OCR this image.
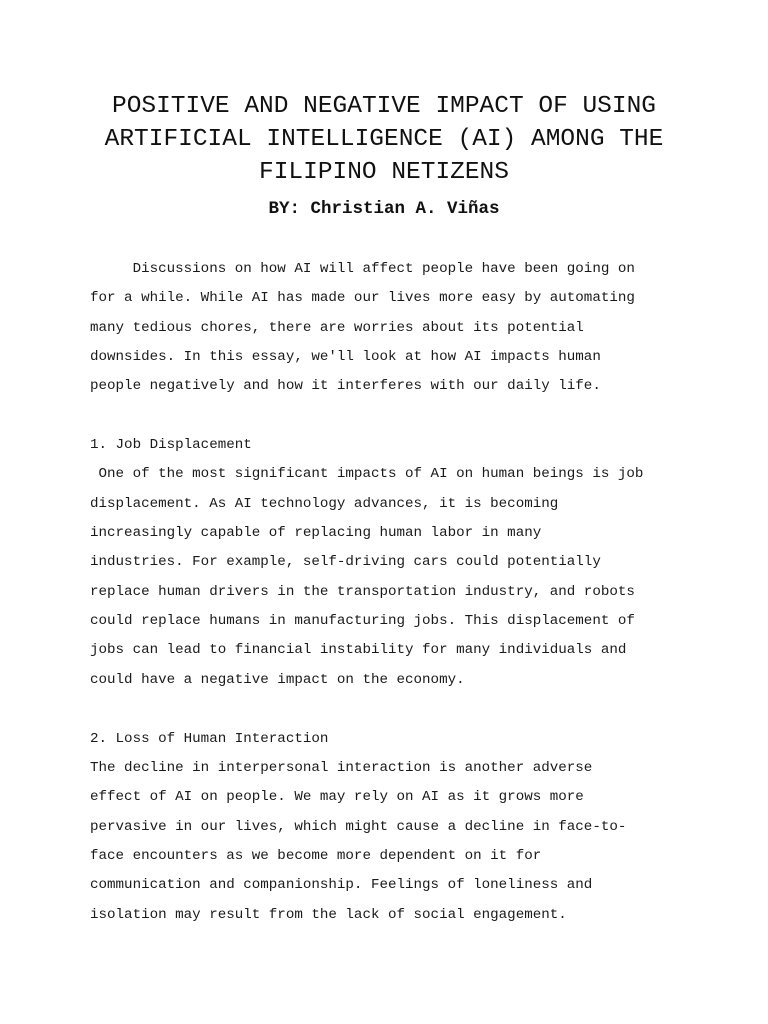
POSITIVE AND NEGATIVE IMPACT OF USING
ARTIFICIAL INTELLIGENCE (AI) AMONG THE
FILIPINO NETIZENS
BY: Christian A. Viñas
Discussions on how AI will affect people have been going on
for a while. While AI has made our lives more easy by automating
many tedious chores, there are worries about its potential
downsides. In this essay, we'll look at how AI impacts human
people negatively and how it interferes with our daily life.
1. Job Displacement
One of the most significant impacts of AI on human beings is job
displacement. As AI technology advances, it is becoming
increasingly capable of replacing human labor in many
industries. For example, self-driving cars could potentially
replace human drivers in the transportation industry, and robots
could replace humans in manufacturing jobs. This displacement of
jobs can lead to financial instability for many individuals and
could have a negative impact on the economy.
2. Loss of Human Interaction
The decline in interpersonal interaction is another adverse
effect of AI on people. We may rely on AI as it grows more
pervasive in our lives, which might cause a decline in face-to-
face encounters as we become more dependent on it for
communication and companionship. Feelings of loneliness and
isolation may result from the lack of social engagement.
